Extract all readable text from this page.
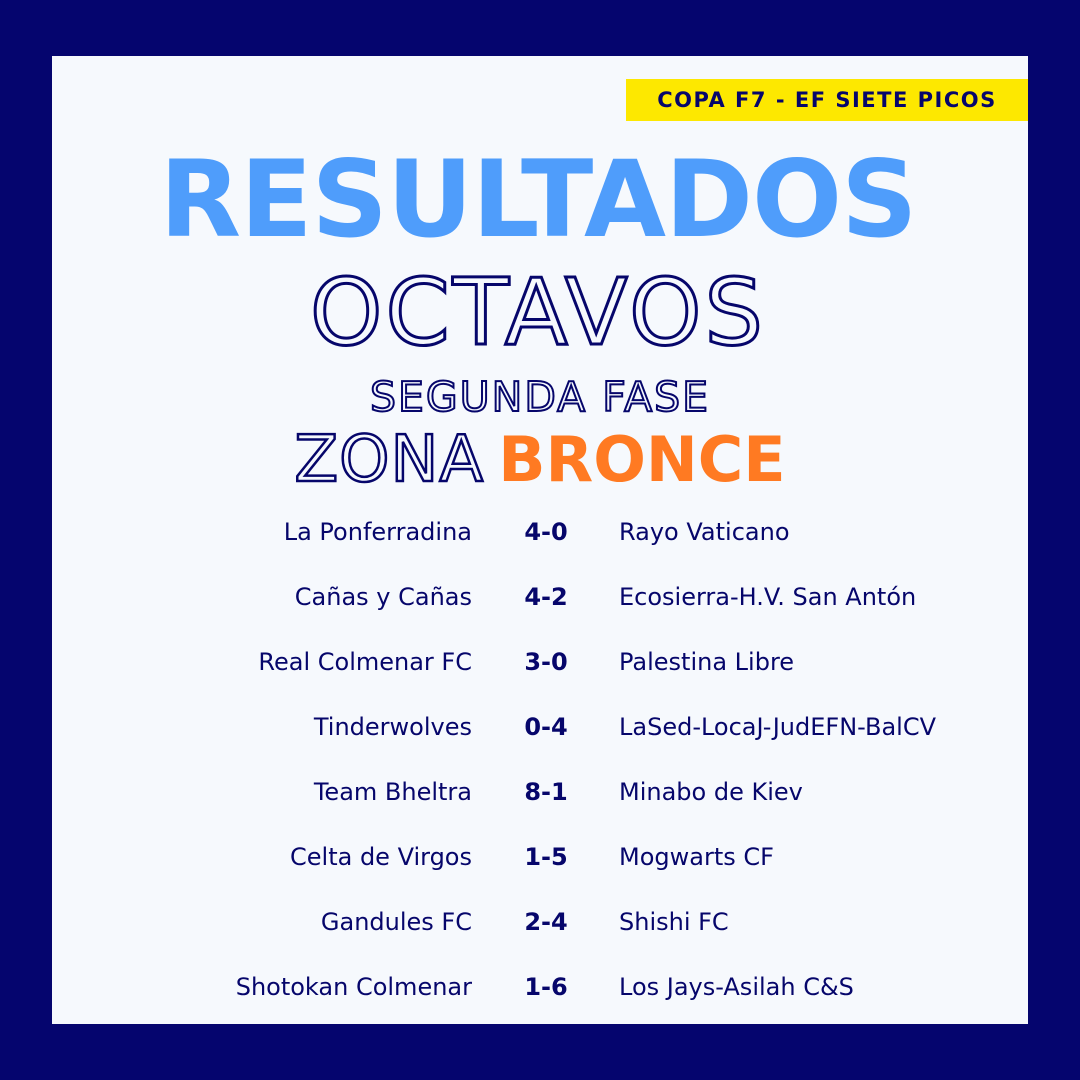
COPA F7 - EF SIETE PICOS
RESULTADOS
OCTAVOS
SEGUNDA FASE
ZONA BRONCE
La Ponferradina	4-0	Rayo Vaticano
Cañas y Cañas	4-2	Ecosierra-H.V. San Antón
Real Colmenar FC	3-0	Palestina Libre
Tinderwolves	0-4	LaSed-LocaJ-JudEFN-BalCV
Team Bheltra	8-1	Minabo de Kiev
Celta de Virgos	1-5	Mogwarts CF
Gandules FC	2-4	Shishi FC
Shotokan Colmenar	1-6	Los Jays-Asilah C&S
